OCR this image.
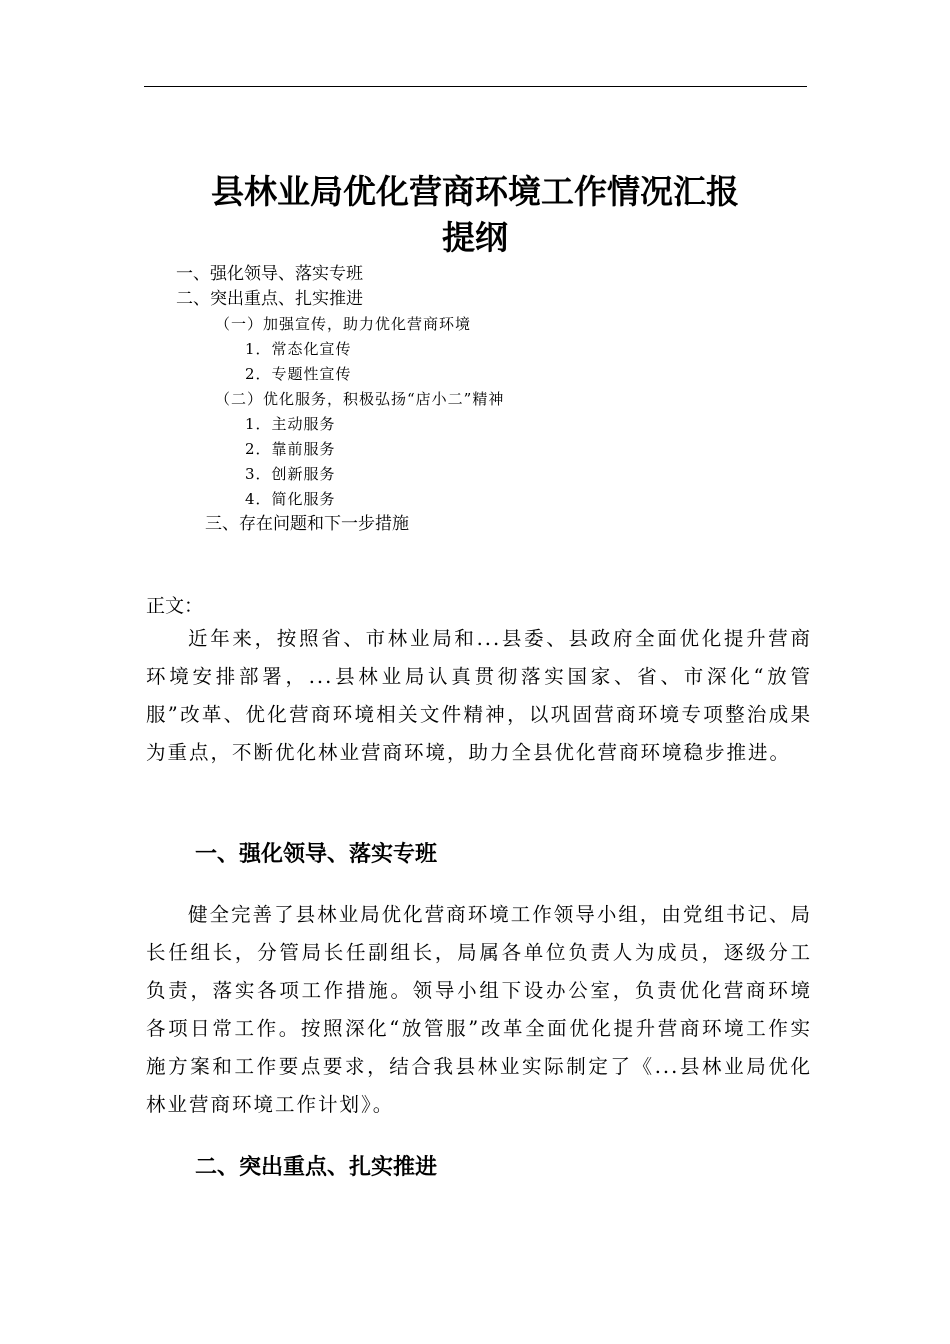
县林业局优化营商环境工作情况汇报
提纲
一、强化领导、落实专班
二、突出重点、扎实推进
（一）加强宣传，助力优化营商环境
1．常态化宣传
2．专题性宣传
（二）优化服务，积极弘扬“店小二”精神
1．主动服务
2．靠前服务
3．创新服务
4．简化服务
三、存在问题和下一步措施
正文：
近年来，按照省、市林业局和...县委、县政府全面优化提升营商环境安排部署，...县林业局认真贯彻落实国家、省、市深化“放管服”改革、优化营商环境相关文件精神，以巩固营商环境专项整治成果为重点，不断优化林业营商环境，助力全县优化营商环境稳步推进。
一、强化领导、落实专班
健全完善了县林业局优化营商环境工作领导小组，由党组书记、局长任组长，分管局长任副组长，局属各单位负责人为成员，逐级分工负责，落实各项工作措施。领导小组下设办公室，负责优化营商环境各项日常工作。按照深化“放管服”改革全面优化提升营商环境工作实施方案和工作要点要求，结合我县林业实际制定了《...县林业局优化林业营商环境工作计划》。
二、突出重点、扎实推进
